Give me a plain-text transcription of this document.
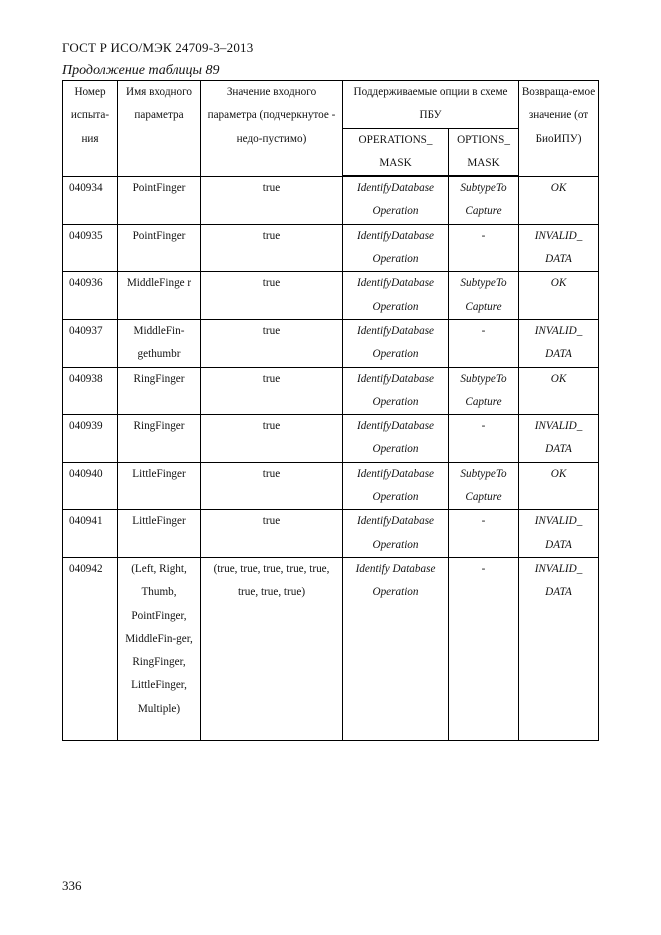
ГОСТ Р ИСО/МЭК 24709-3–2013
Продолжение таблицы 89
Номер испыта-ния	Имя входного параметра	Значение входного параметра (подчеркнутое - недо-пустимо)	Поддерживаемые опции в схеме ПБУ		Возвраща-емое значение (от БиоИПУ)
			OPERATIONS_ MASK	OPTIONS_ MASK	
040934	PointFinger	true	IdentifyDatabase Operation	SubtypeTo Capture	OK
040935	PointFinger	true	IdentifyDatabase Operation	-	INVALID_ DATA
040936	MiddleFinge r	true	IdentifyDatabase Operation	SubtypeTo Capture	OK
040937	MiddleFin-gethumbr	true	IdentifyDatabase Operation	-	INVALID_ DATA
040938	RingFinger	true	IdentifyDatabase Operation	SubtypeTo Capture	OK
040939	RingFinger	true	IdentifyDatabase Operation	-	INVALID_ DATA
040940	LittleFinger	true	IdentifyDatabase Operation	SubtypeTo Capture	OK
040941	LittleFinger	true	IdentifyDatabase Operation	-	INVALID_ DATA
040942	(Left, Right, Thumb, PointFinger, MiddleFin-ger, RingFinger, LittleFinger, Multiple)	(true, true, true, true, true, true, true, true)	Identify Database Operation	-	INVALID_ DATA
336
